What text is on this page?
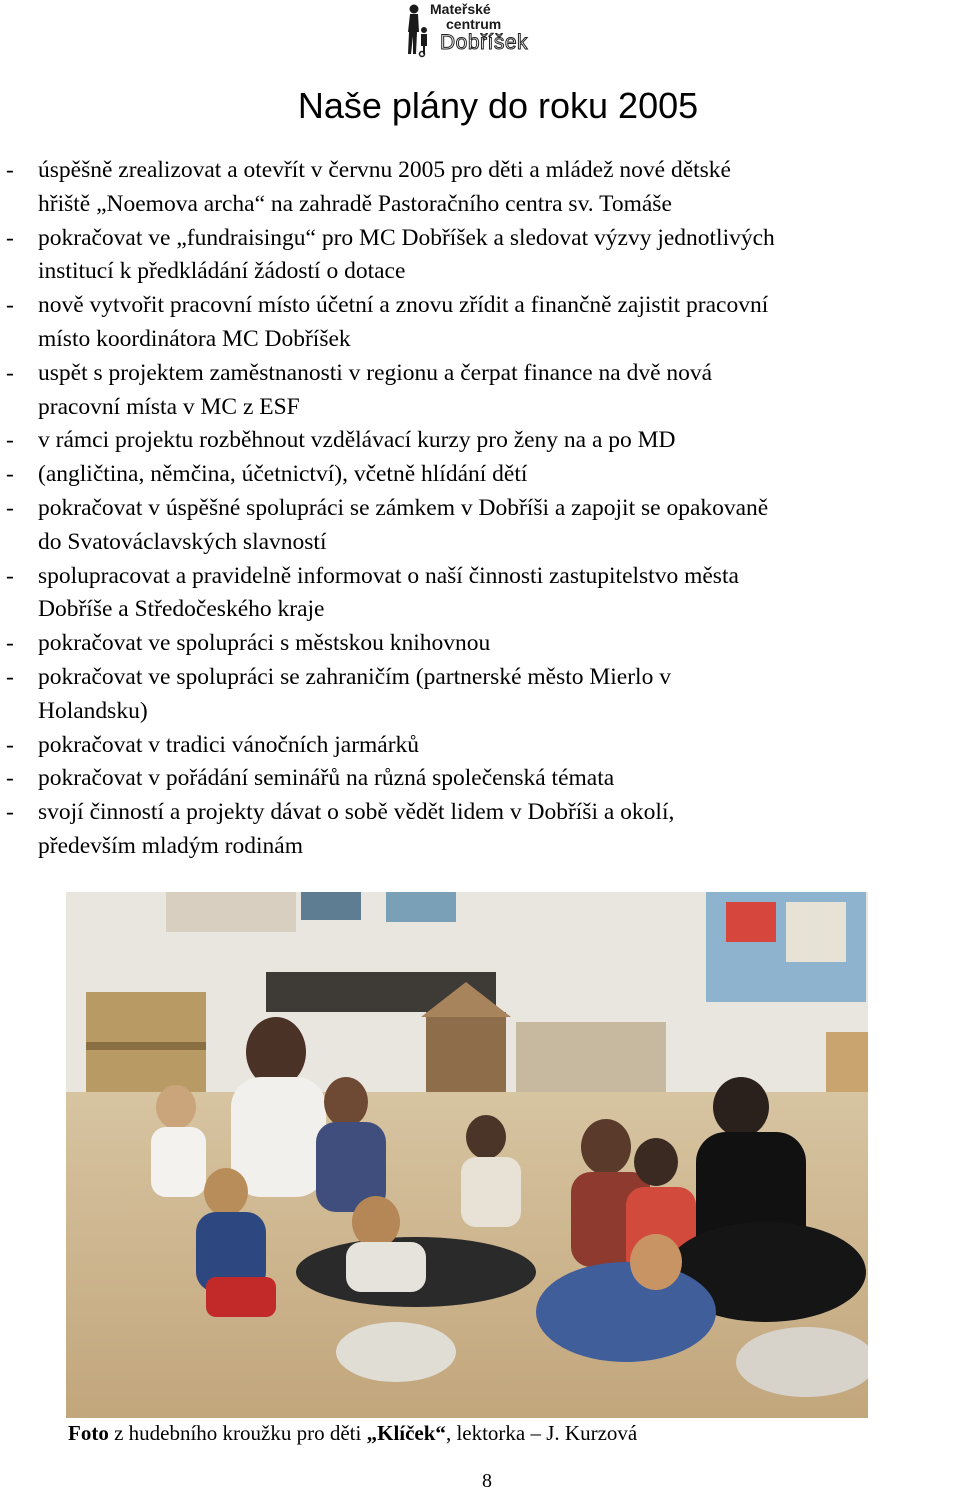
Mateřské
centrum
Dobříšek
Naše plány do roku 2005
- úspěšně zrealizovat a otevřít v červnu 2005 pro děti a mládež nové dětské
hřiště „Noemova archa“ na zahradě Pastoračního centra sv. Tomáše
- pokračovat ve „fundraisingu“ pro MC Dobříšek a sledovat výzvy jednotlivých
institucí k předkládání žádostí o dotace
- nově vytvořit pracovní místo účetní a znovu zřídit a finančně zajistit pracovní
místo koordinátora MC Dobříšek
- uspět s projektem zaměstnanosti v regionu a čerpat finance na dvě nová
pracovní místa v MC z ESF
- v rámci projektu rozběhnout vzdělávací kurzy pro ženy na a po MD
- (angličtina, němčina, účetnictví), včetně hlídání dětí
- pokračovat v úspěšné spolupráci se zámkem v Dobříši a zapojit se opakovaně
do Svatováclavských slavností
- spolupracovat a pravidelně informovat o naší činnosti zastupitelstvo města
Dobříše a Středočeského kraje
- pokračovat ve spolupráci s městskou knihovnou
- pokračovat ve spolupráci se zahraničím (partnerské město Mierlo v
Holandsku)
- pokračovat v tradici vánočních jarmárků
- pokračovat v pořádání seminářů na různá společenská témata
- svojí činností a projekty dávat o sobě vědět lidem v Dobříši a okolí,
především mladým rodinám
Foto z hudebního kroužku pro děti „Klíček“, lektorka – J. Kurzová
8
